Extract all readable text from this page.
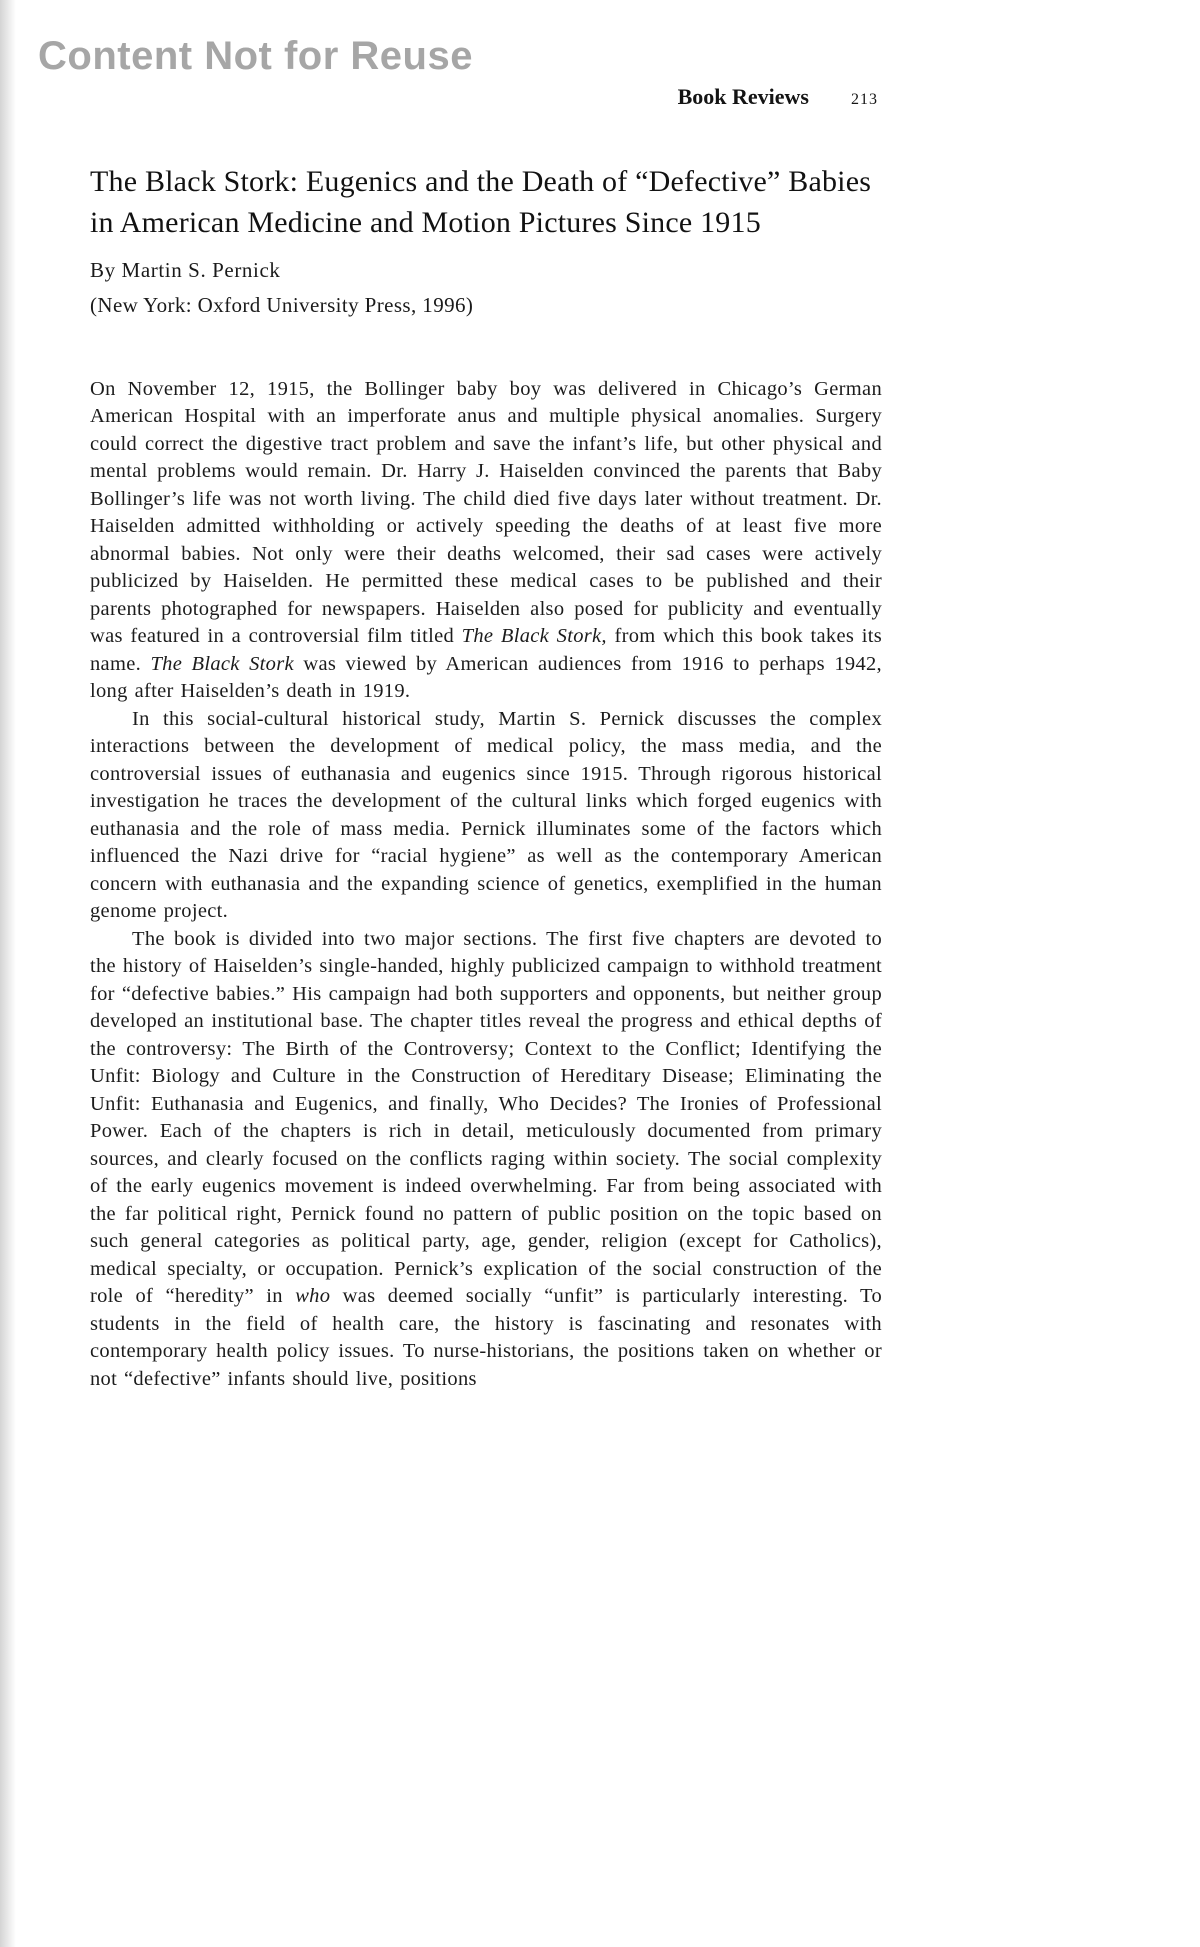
Content Not for Reuse
Book Reviews	213
The Black Stork: Eugenics and the Death of “Defective” Babies in American Medicine and Motion Pictures Since 1915

By Martin S. Pernick

(New York: Oxford University Press, 1996)

On November 12, 1915, the Bollinger baby boy was delivered in Chicago’s German American Hospital with an imperforate anus and multiple physical anomalies. Surgery could correct the digestive tract problem and save the infant’s life, but other physical and mental problems would remain. Dr. Harry J. Haiselden convinced the parents that Baby Bollinger’s life was not worth living. The child died five days later without treatment. Dr. Haiselden admitted withholding or actively speeding the deaths of at least five more abnormal babies. Not only were their deaths welcomed, their sad cases were actively publicized by Haiselden. He permitted these medical cases to be published and their parents photographed for newspapers. Haiselden also posed for publicity and eventually was featured in a controversial film titled The Black Stork, from which this book takes its name. The Black Stork was viewed by American audiences from 1916 to perhaps 1942, long after Haiselden’s death in 1919.

In this social-cultural historical study, Martin S. Pernick discusses the complex interactions between the development of medical policy, the mass media, and the controversial issues of euthanasia and eugenics since 1915. Through rigorous historical investigation he traces the development of the cultural links which forged eugenics with euthanasia and the role of mass media. Pernick illuminates some of the factors which influenced the Nazi drive for “racial hygiene” as well as the contemporary American concern with euthanasia and the expanding science of genetics, exemplified in the human genome project.

The book is divided into two major sections. The first five chapters are devoted to the history of Haiselden’s single-handed, highly publicized campaign to withhold treatment for “defective babies.” His campaign had both supporters and opponents, but neither group developed an institutional base. The chapter titles reveal the progress and ethical depths of the controversy: The Birth of the Controversy; Context to the Conflict; Identifying the Unfit: Biology and Culture in the Construction of Hereditary Disease; Eliminating the Unfit: Euthanasia and Eugenics, and finally, Who Decides? The Ironies of Professional Power. Each of the chapters is rich in detail, meticulously documented from primary sources, and clearly focused on the conflicts raging within society. The social complexity of the early eugenics movement is indeed overwhelming. Far from being associated with the far political right, Pernick found no pattern of public position on the topic based on such general categories as political party, age, gender, religion (except for Catholics), medical specialty, or occupation. Pernick’s explication of the social construction of the role of “heredity” in who was deemed socially “unfit” is particularly interesting. To students in the field of health care, the history is fascinating and resonates with contemporary health policy issues. To nurse-historians, the positions taken on whether or not “defective” infants should live, positions
